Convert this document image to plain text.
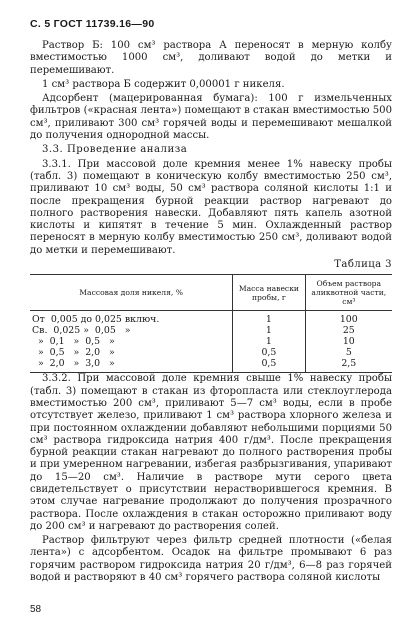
С. 5 ГОСТ 11739.16—90

Раствор Б: 100 см³ раствора А переносят в мерную колбу вместимостью 1000 см³, доливают водой до метки и перемешивают.

1 см³ раствора Б содержит 0,00001 г никеля.

Адсорбент (мацерированная бумага): 100 г измельченных фильтров («красная лента») помещают в стакан вместимостью 500 см³, приливают 300 см³ горячей воды и перемешивают мешалкой до получения однородной массы.

3.3. Проведение анализа

3.3.1. При массовой доле кремния менее 1% навеску пробы (табл. 3) помещают в коническую колбу вместимостью 250 см³, приливают 10 см³ воды, 50 см³ раствора соляной кислоты 1:1 и после прекращения бурной реакции раствор нагревают до полного растворения навески. Добавляют пять капель азотной кислоты и кипятят в течение 5 мин. Охлажденный раствор переносят в мерную колбу вместимостью 250 см³, доливают водой до метки и перемешивают.

Таблица 3
Массовая доля никеля, %	Масса навески пробы, г	Объем раствора аликвотной части, см³
От  0,005 до 0,025 включ.	1	100
Св.  0,025 »  0,05   »	1	25
»  0,1   »  0,5   »	1	10
»  0,5   »  2,0   »	0,5	5
»  2,0   »  3,0   »	0,5	2,5

3.3.2. При массовой доле кремния свыше 1% навеску пробы (табл. 3) помещают в стакан из фторопласта или стеклоуглерода вместимостью 200 см³, приливают 5—7 см³ воды, если в пробе отсутствует железо, приливают 1 см³ раствора хлорного железа и при постоянном охлаждении добавляют небольшими порциями 50 см³ раствора гидроксида натрия 400 г/дм³. После прекращения бурной реакции стакан нагревают до полного растворения пробы и при умеренном нагревании, избегая разбрызгивания, упаривают до 15—20 см³. Наличие в растворе мути серого цвета свидетельствует о присутствии нерастворившегося кремния. В этом случае нагревание продолжают до получения прозрачного раствора. После охлаждения в стакан осторожно приливают воду до 200 см³ и нагревают до растворения солей.

Раствор фильтруют через фильтр средней плотности («белая лента») с адсорбентом. Осадок на фильтре промывают 6 раз горячим раствором гидроксида натрия 20 г/дм³, 6—8 раз горячей водой и растворяют в 40 см³ горячего раствора соляной кислоты

58
